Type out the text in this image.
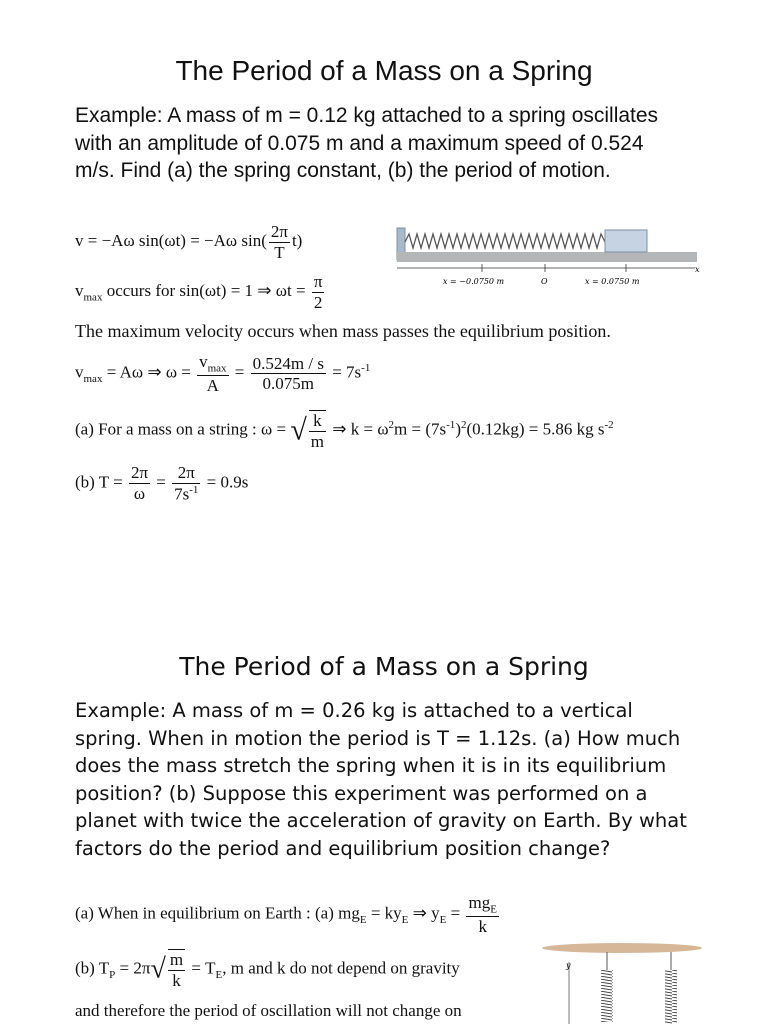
The Period of a Mass on a Spring
Example: A mass of m = 0.12 kg attached to a spring oscillates with an amplitude of 0.075 m and a maximum speed of 0.524 m/s. Find (a) the spring constant, (b) the period of motion.
v = −Aω sin(ωt) = −Aω $\sin( \frac{2\pi}{T} t)$
$v_{max}$ occurs for sin(ωt) = 1 ⇒ $\omega t = \frac{\pi}{2}$
The maximum velocity occurs when mass passes the equilibrium position.
$v_{max} = A\omega$ ⇒ $\omega = \frac{v_{max}}{A} = \frac{0.524m / s}{0.075m} = 7s^{-1}$
(a) For a mass on a string : ω = √ $\frac{k}{m}$ ⇒ $k = \omega^2m = (7s^{-1})^2(0.12kg) = 5.86$ kg $s^{-2}$
(b) $T = \frac{2\pi}{\omega} = \frac{2\pi}{7s^{-1}} = 0.9s$
x = −0.0750 m	O	x = 0.0750 m
x
The Period of a Mass on a Spring
Example: A mass of m = 0.26 kg is attached to a vertical spring. When in motion the period is T = 1.12s. (a) How much does the mass stretch the spring when it is in its equilibrium position? (b) Suppose this experiment was performed on a planet with twice the acceleration of gravity on Earth. By what factors do the period and equilibrium position change?
(a) When in equilibrium on Earth : (a) $mg_E = ky_E$ ⇒ $y_E = \frac{mg_E}{k}$
(b) $T_P = 2\pi√ \frac{m}{k} = T_E$, m and k do not depend on gravity
and therefore the period of oscillation will not change on
y
